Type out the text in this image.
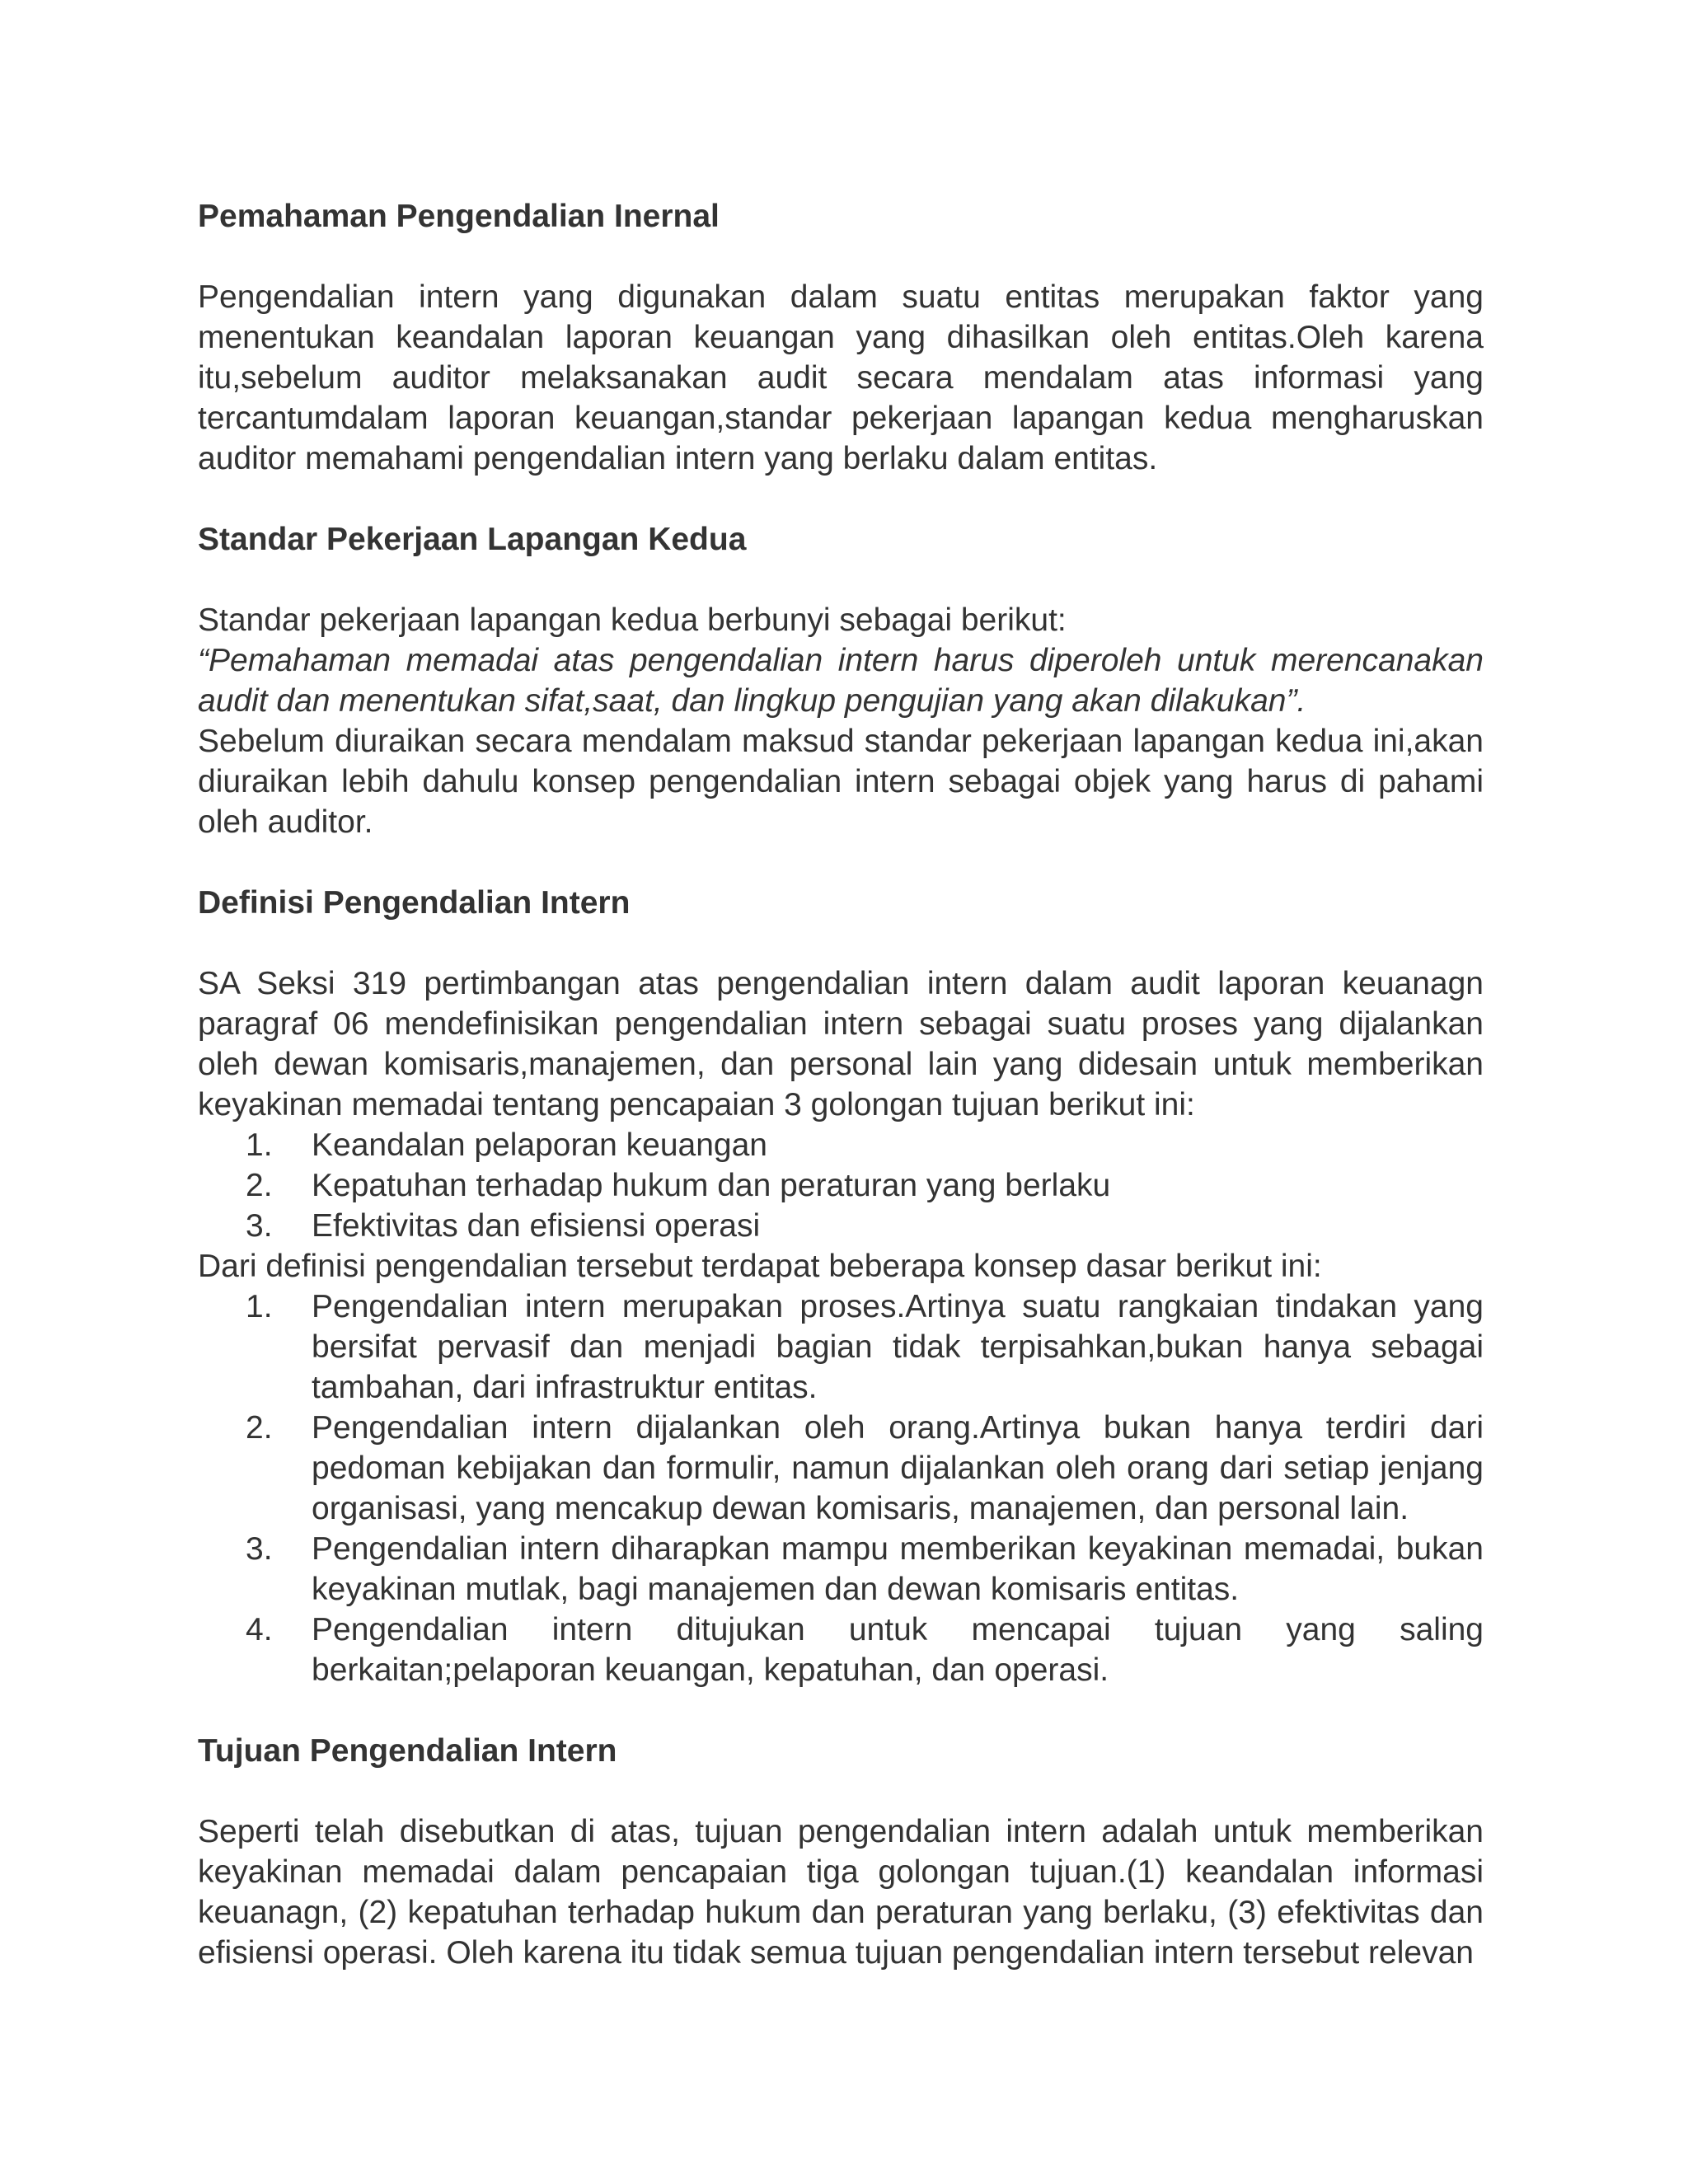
Pemahaman Pengendalian Inernal

Pengendalian intern yang digunakan dalam suatu entitas merupakan faktor yang menentukan keandalan laporan keuangan yang dihasilkan oleh entitas.Oleh karena itu,sebelum auditor melaksanakan audit secara mendalam atas informasi yang tercantumdalam laporan keuangan,standar pekerjaan lapangan kedua mengharuskan auditor memahami pengendalian intern yang berlaku dalam entitas.

Standar Pekerjaan Lapangan Kedua

Standar pekerjaan lapangan kedua berbunyi sebagai berikut:

“Pemahaman memadai atas pengendalian intern harus diperoleh untuk merencanakan audit dan menentukan sifat,saat, dan lingkup pengujian yang akan dilakukan”.

Sebelum diuraikan secara mendalam maksud standar pekerjaan lapangan kedua ini,akan diuraikan lebih dahulu konsep pengendalian intern sebagai objek yang harus di pahami oleh auditor.

Definisi Pengendalian Intern

SA Seksi 319 pertimbangan atas pengendalian intern dalam audit laporan keuanagn paragraf 06 mendefinisikan pengendalian intern sebagai suatu proses yang dijalankan oleh dewan komisaris,manajemen, dan personal lain yang didesain untuk memberikan keyakinan memadai tentang pencapaian 3 golongan tujuan berikut ini:

1. Keandalan pelaporan keuangan
2. Kepatuhan terhadap hukum dan peraturan yang berlaku
3. Efektivitas dan efisiensi operasi

Dari definisi pengendalian tersebut terdapat beberapa konsep dasar berikut ini:

1. Pengendalian intern merupakan proses.Artinya suatu rangkaian tindakan yang bersifat pervasif dan menjadi bagian tidak terpisahkan,bukan hanya sebagai tambahan, dari infrastruktur entitas.
2. Pengendalian intern dijalankan oleh orang.Artinya bukan hanya terdiri dari pedoman kebijakan dan formulir, namun dijalankan oleh orang dari setiap jenjang organisasi, yang mencakup dewan komisaris, manajemen, dan personal lain.
3. Pengendalian intern diharapkan mampu memberikan keyakinan memadai, bukan keyakinan mutlak, bagi manajemen dan dewan komisaris entitas.
4. Pengendalian intern ditujukan untuk mencapai tujuan yang saling berkaitan;pelaporan keuangan, kepatuhan, dan operasi.
Tujuan Pengendalian Intern

Seperti telah disebutkan di atas, tujuan pengendalian intern adalah untuk memberikan keyakinan memadai dalam pencapaian tiga golongan tujuan.(1) keandalan informasi keuanagn, (2) kepatuhan terhadap hukum dan peraturan yang berlaku, (3) efektivitas dan efisiensi operasi. Oleh karena itu tidak semua tujuan pengendalian intern tersebut relevan
